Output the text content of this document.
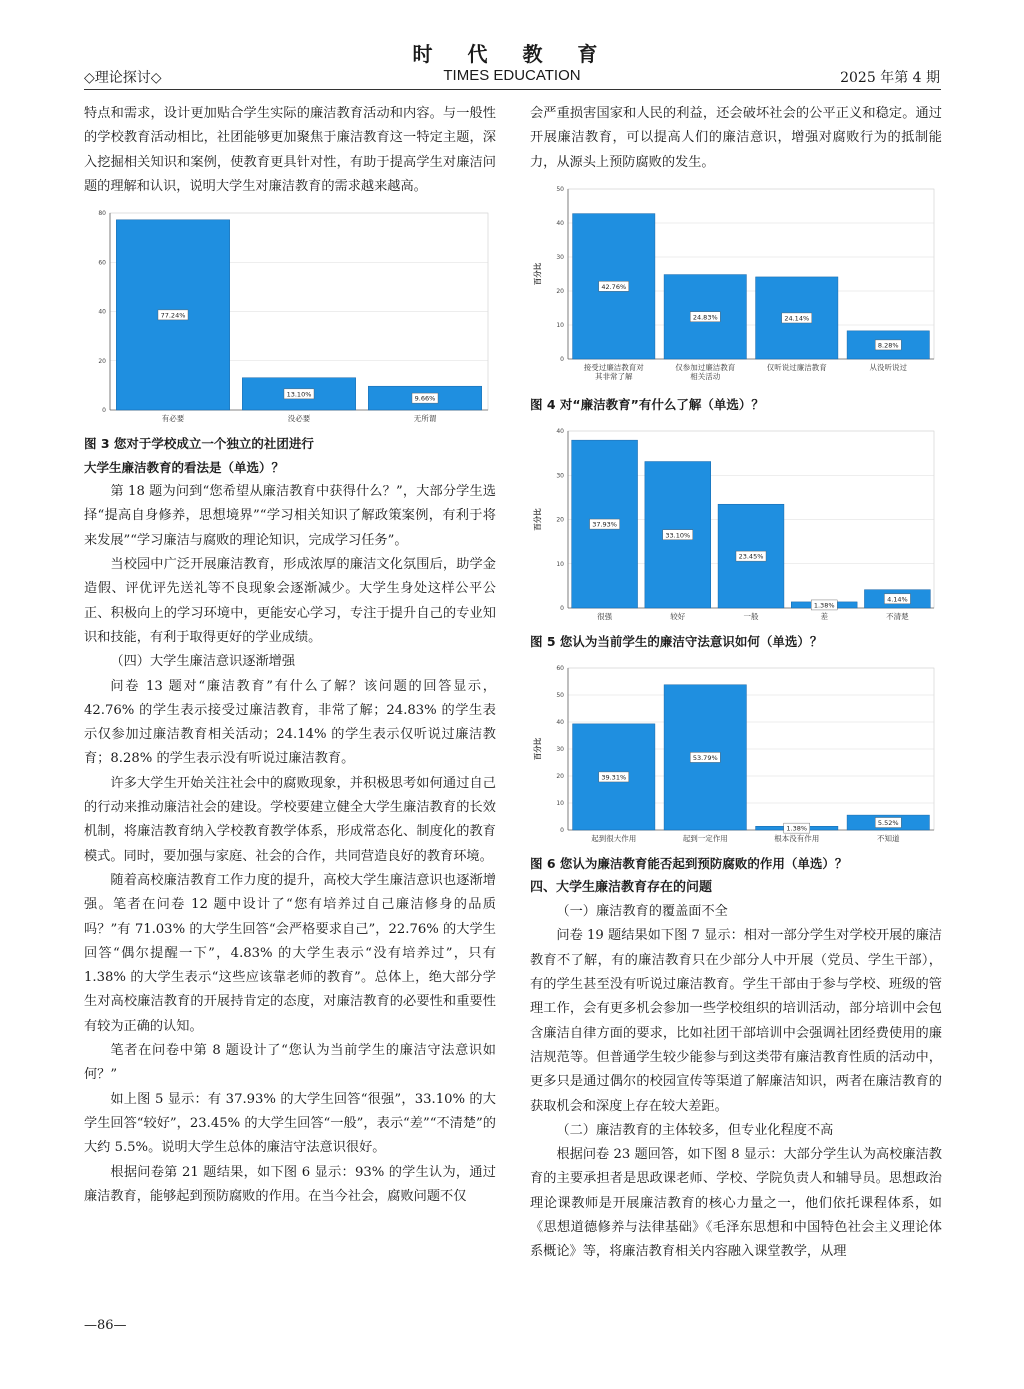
时 代 教 育
◇理论探讨◇	TIMES EDUCATION	2025 年第 4 期

特点和需求，设计更加贴合学生实际的廉洁教育活动和内容。与一般性的学校教育活动相比，社团能够更加聚焦于廉洁教育这一特定主题，深入挖掘相关知识和案例，使教育更具针对性，有助于提高学生对廉洁问题的理解和认识，说明大学生对廉洁教育的需求越来越高。

0
20
40
60
80
77.24%
有必要
13.10%
没必要
9.66%
无所谓

图 3 您对于学校成立一个独立的社团进行

大学生廉洁教育的看法是（单选）？

第 18 题为问到“您希望从廉洁教育中获得什么？”，大部分学生选择“提高自身修养，思想境界”“学习相关知识了解政策案例，有利于将来发展”“学习廉洁与腐败的理论知识，完成学习任务”。

当校园中广泛开展廉洁教育，形成浓厚的廉洁文化氛围后，助学金造假、评优评先送礼等不良现象会逐渐减少。大学生身处这样公平公正、积极向上的学习环境中，更能安心学习，专注于提升自己的专业知识和技能，有利于取得更好的学业成绩。

（四）大学生廉洁意识逐渐增强

问卷 13 题对“廉洁教育”有什么了解？该问题的回答显示，42.76% 的学生表示接受过廉洁教育，非常了解；24.83% 的学生表示仅参加过廉洁教育相关活动；24.14% 的学生表示仅听说过廉洁教育；8.28% 的学生表示没有听说过廉洁教育。

许多大学生开始关注社会中的腐败现象，并积极思考如何通过自己的行动来推动廉洁社会的建设。学校要建立健全大学生廉洁教育的长效机制，将廉洁教育纳入学校教育教学体系，形成常态化、制度化的教育模式。同时，要加强与家庭、社会的合作，共同营造良好的教育环境。

随着高校廉洁教育工作力度的提升，高校大学生廉洁意识也逐渐增强。笔者在问卷 12 题中设计了“您有培养过自己廉洁修身的品质吗？”有 71.03% 的大学生回答“会严格要求自己”，22.76% 的大学生回答“偶尔提醒一下”，4.83% 的大学生表示“没有培养过”，只有 1.38% 的大学生表示“这些应该靠老师的教育”。总体上，绝大部分学生对高校廉洁教育的开展持肯定的态度，对廉洁教育的必要性和重要性有较为正确的认知。

笔者在问卷中第 8 题设计了“您认为当前学生的廉洁守法意识如何？”

如上图 5 显示：有 37.93% 的大学生回答“很强”，33.10% 的大学生回答“较好”，23.45% 的大学生回答“一般”，表示“差”“不清楚”的大约 5.5%。说明大学生总体的廉洁守法意识很好。

根据问卷第 21 题结果，如下图 6 显示：93% 的学生认为，通过廉洁教育，能够起到预防腐败的作用。在当今社会，腐败问题不仅

会严重损害国家和人民的利益，还会破坏社会的公平正义和稳定。通过开展廉洁教育，可以提高人们的廉洁意识，增强对腐败行为的抵制能力，从源头上预防腐败的发生。

0
10
20
30
40
50
百分比
42.76%
接受过廉洁教育对
其非常了解
24.83%
仅参加过廉洁教育
相关活动
24.14%
仅听说过廉洁教育
8.28%
从没听说过

图 4 对“廉洁教育”有什么了解（单选）？

0
10
20
30
40
百分比	37.93%
很强
33.10%
较好
23.45%
一般
1.38%
差
4.14%
不清楚

图 5 您认为当前学生的廉洁守法意识如何（单选）？

0
10
20
30
40
50
60
百分比
39.31%
起到很大作用
53.79%
起到一定作用
1.38%
根本没有作用
5.52%
不知道

图 6 您认为廉洁教育能否起到预防腐败的作用（单选）？

四、大学生廉洁教育存在的问题

（一）廉洁教育的覆盖面不全

问卷 19 题结果如下图 7 显示：相对一部分学生对学校开展的廉洁教育不了解，有的廉洁教育只在少部分人中开展（党员、学生干部），有的学生甚至没有听说过廉洁教育。学生干部由于参与学校、班级的管理工作，会有更多机会参加一些学校组织的培训活动，部分培训中会包含廉洁自律方面的要求，比如社团干部培训中会强调社团经费使用的廉洁规范等。但普通学生较少能参与到这类带有廉洁教育性质的活动中，更多只是通过偶尔的校园宣传等渠道了解廉洁知识，两者在廉洁教育的获取机会和深度上存在较大差距。

（二）廉洁教育的主体较多，但专业化程度不高

根据问卷 23 题回答，如下图 8 显示：大部分学生认为高校廉洁教育的主要承担者是思政课老师、学校、学院负责人和辅导员。思想政治理论课教师是开展廉洁教育的核心力量之一，他们依托课程体系，如《思想道德修养与法律基础》《毛泽东思想和中国特色社会主义理论体系概论》等，将廉洁教育相关内容融入课堂教学，从理

—86—
